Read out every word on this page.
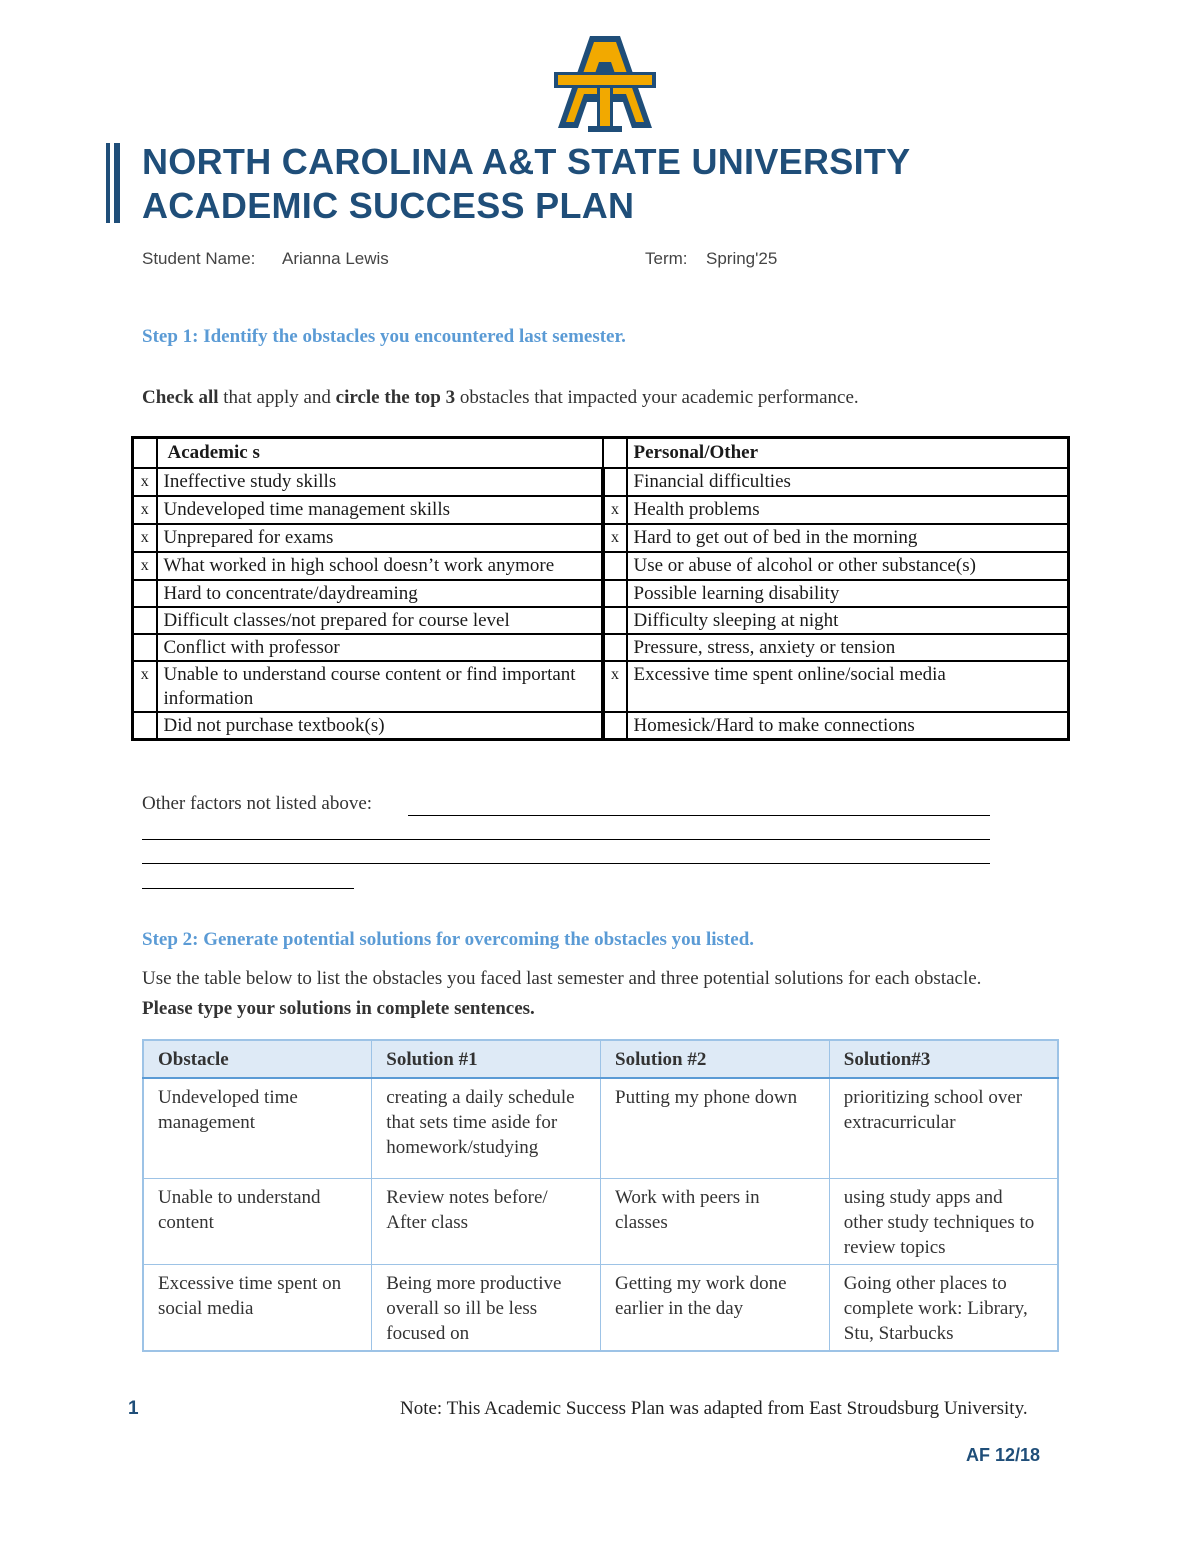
NORTH CAROLINA A&T STATE UNIVERSITY
ACADEMIC SUCCESS PLAN
Student Name: Arianna Lewis	Term: Spring'25
Step 1: Identify the obstacles you encountered last semester.
Check all that apply and circle the top 3 obstacles that impacted your academic performance.
	Academic s		Personal/Other
x	Ineffective study skills		Financial difficulties
x	Undeveloped time management skills	x	Health problems
x	Unprepared for exams	x	Hard to get out of bed in the morning
x	What worked in high school doesn’t work anymore		Use or abuse of alcohol or other substance(s)
	Hard to concentrate/daydreaming		Possible learning disability
	Difficult classes/not prepared for course level		Difficulty sleeping at night
	Conflict with professor		Pressure, stress, anxiety or tension
x	Unable to understand course content or find important information	x	Excessive time spent online/social media
	Did not purchase textbook(s)		Homesick/Hard to make connections
Other factors not listed above:
Step 2: Generate potential solutions for overcoming the obstacles you listed.
Use the table below to list the obstacles you faced last semester and three potential solutions for each obstacle. Please type your solutions in complete sentences.
Obstacle	Solution #1	Solution #2	Solution#3
Undeveloped time management	creating a daily schedule that sets time aside for homework/studying	Putting my phone down	prioritizing school over extracurricular
Unable to understand content	Review notes before/ After class	Work with peers in classes	using study apps and other study techniques to review topics
Excessive time spent on social media	Being more productive overall so ill be less focused on	Getting my work done earlier in the day	Going other places to complete work: Library, Stu, Starbucks
1	Note: This Academic Success Plan was adapted from East Stroudsburg University.
AF 12/18
